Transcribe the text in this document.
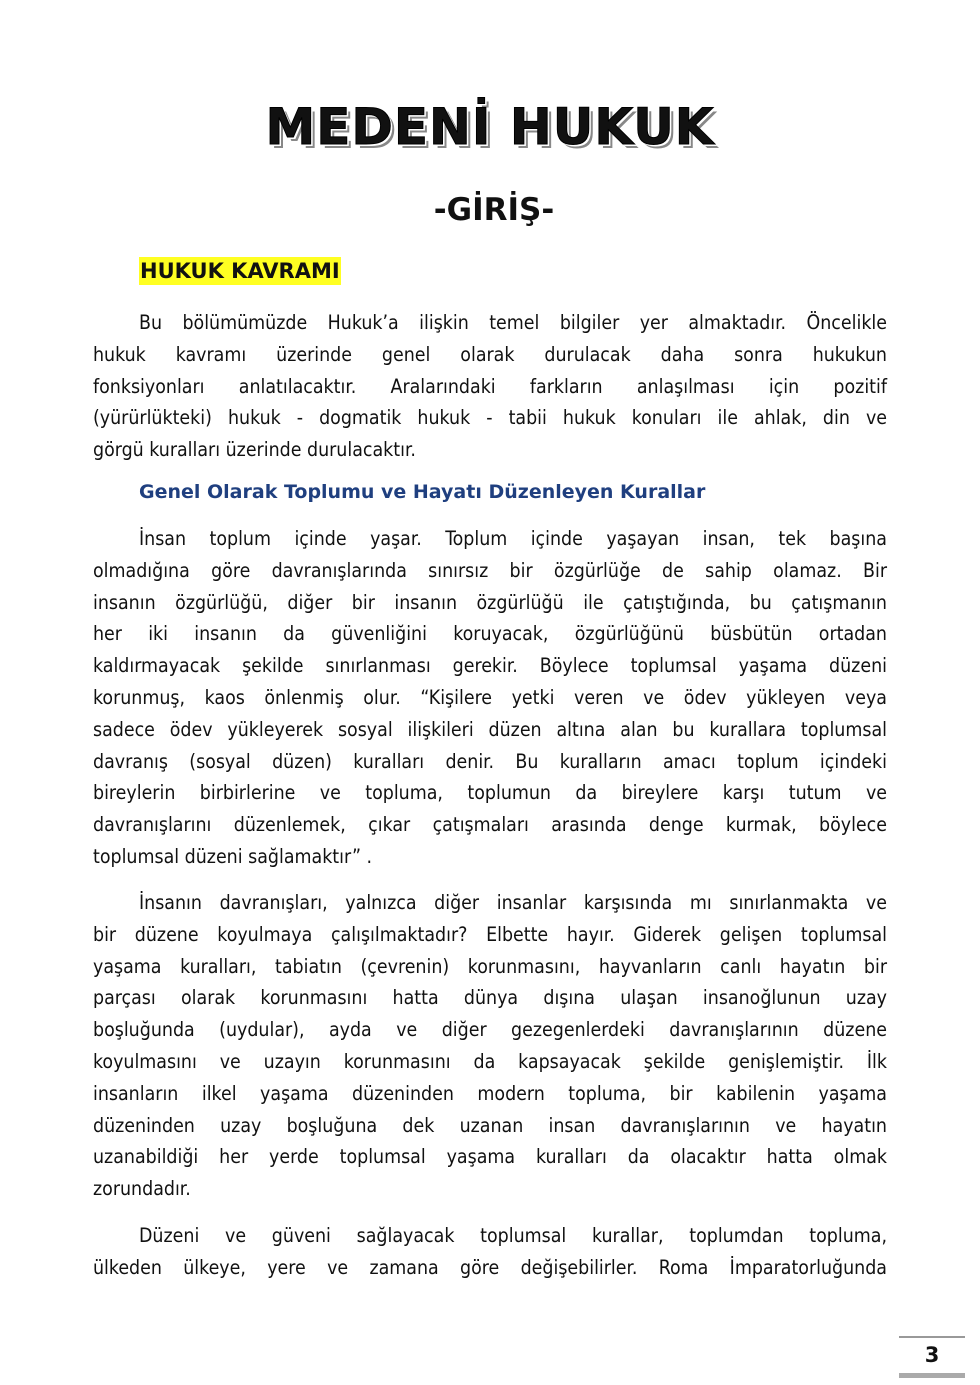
MEDENİ HUKUK
-GİRİŞ-
HUKUK KAVRAMI
Bu bölümümüzde Hukuk’a ilişkin temel bilgiler yer almaktadır. Öncelikle
hukuk kavramı üzerinde genel olarak durulacak daha sonra hukukun
fonksiyonları anlatılacaktır. Aralarındaki farkların anlaşılması için pozitif
(yürürlükteki) hukuk - dogmatik hukuk - tabii hukuk konuları ile ahlak, din ve
görgü kuralları üzerinde durulacaktır.
Genel Olarak Toplumu ve Hayatı Düzenleyen Kurallar
İnsan toplum içinde yaşar. Toplum içinde yaşayan insan, tek başına
olmadığına göre davranışlarında sınırsız bir özgürlüğe de sahip olamaz. Bir
insanın özgürlüğü, diğer bir insanın özgürlüğü ile çatıştığında, bu çatışmanın
her iki insanın da güvenliğini koruyacak, özgürlüğünü büsbütün ortadan
kaldırmayacak şekilde sınırlanması gerekir. Böylece toplumsal yaşama düzeni
korunmuş, kaos önlenmiş olur. “Kişilere yetki veren ve ödev yükleyen veya
sadece ödev yükleyerek sosyal ilişkileri düzen altına alan bu kurallara toplumsal
davranış (sosyal düzen) kuralları denir. Bu kuralların amacı toplum içindeki
bireylerin birbirlerine ve topluma, toplumun da bireylere karşı tutum ve
davranışlarını düzenlemek, çıkar çatışmaları arasında denge kurmak, böylece
toplumsal düzeni sağlamaktır” .
İnsanın davranışları, yalnızca diğer insanlar karşısında mı sınırlanmakta ve
bir düzene koyulmaya çalışılmaktadır? Elbette hayır. Giderek gelişen toplumsal
yaşama kuralları, tabiatın (çevrenin) korunmasını, hayvanların canlı hayatın bir
parçası olarak korunmasını hatta dünya dışına ulaşan insanoğlunun uzay
boşluğunda (uydular), ayda ve diğer gezegenlerdeki davranışlarının düzene
koyulmasını ve uzayın korunmasını da kapsayacak şekilde genişlemiştir. İlk
insanların ilkel yaşama düzeninden modern topluma, bir kabilenin yaşama
düzeninden uzay boşluğuna dek uzanan insan davranışlarının ve hayatın
uzanabildiği her yerde toplumsal yaşama kuralları da olacaktır hatta olmak
zorundadır.
Düzeni ve güveni sağlayacak toplumsal kurallar, toplumdan topluma,
ülkeden ülkeye, yere ve zamana göre değişebilirler. Roma İmparatorluğunda
3
